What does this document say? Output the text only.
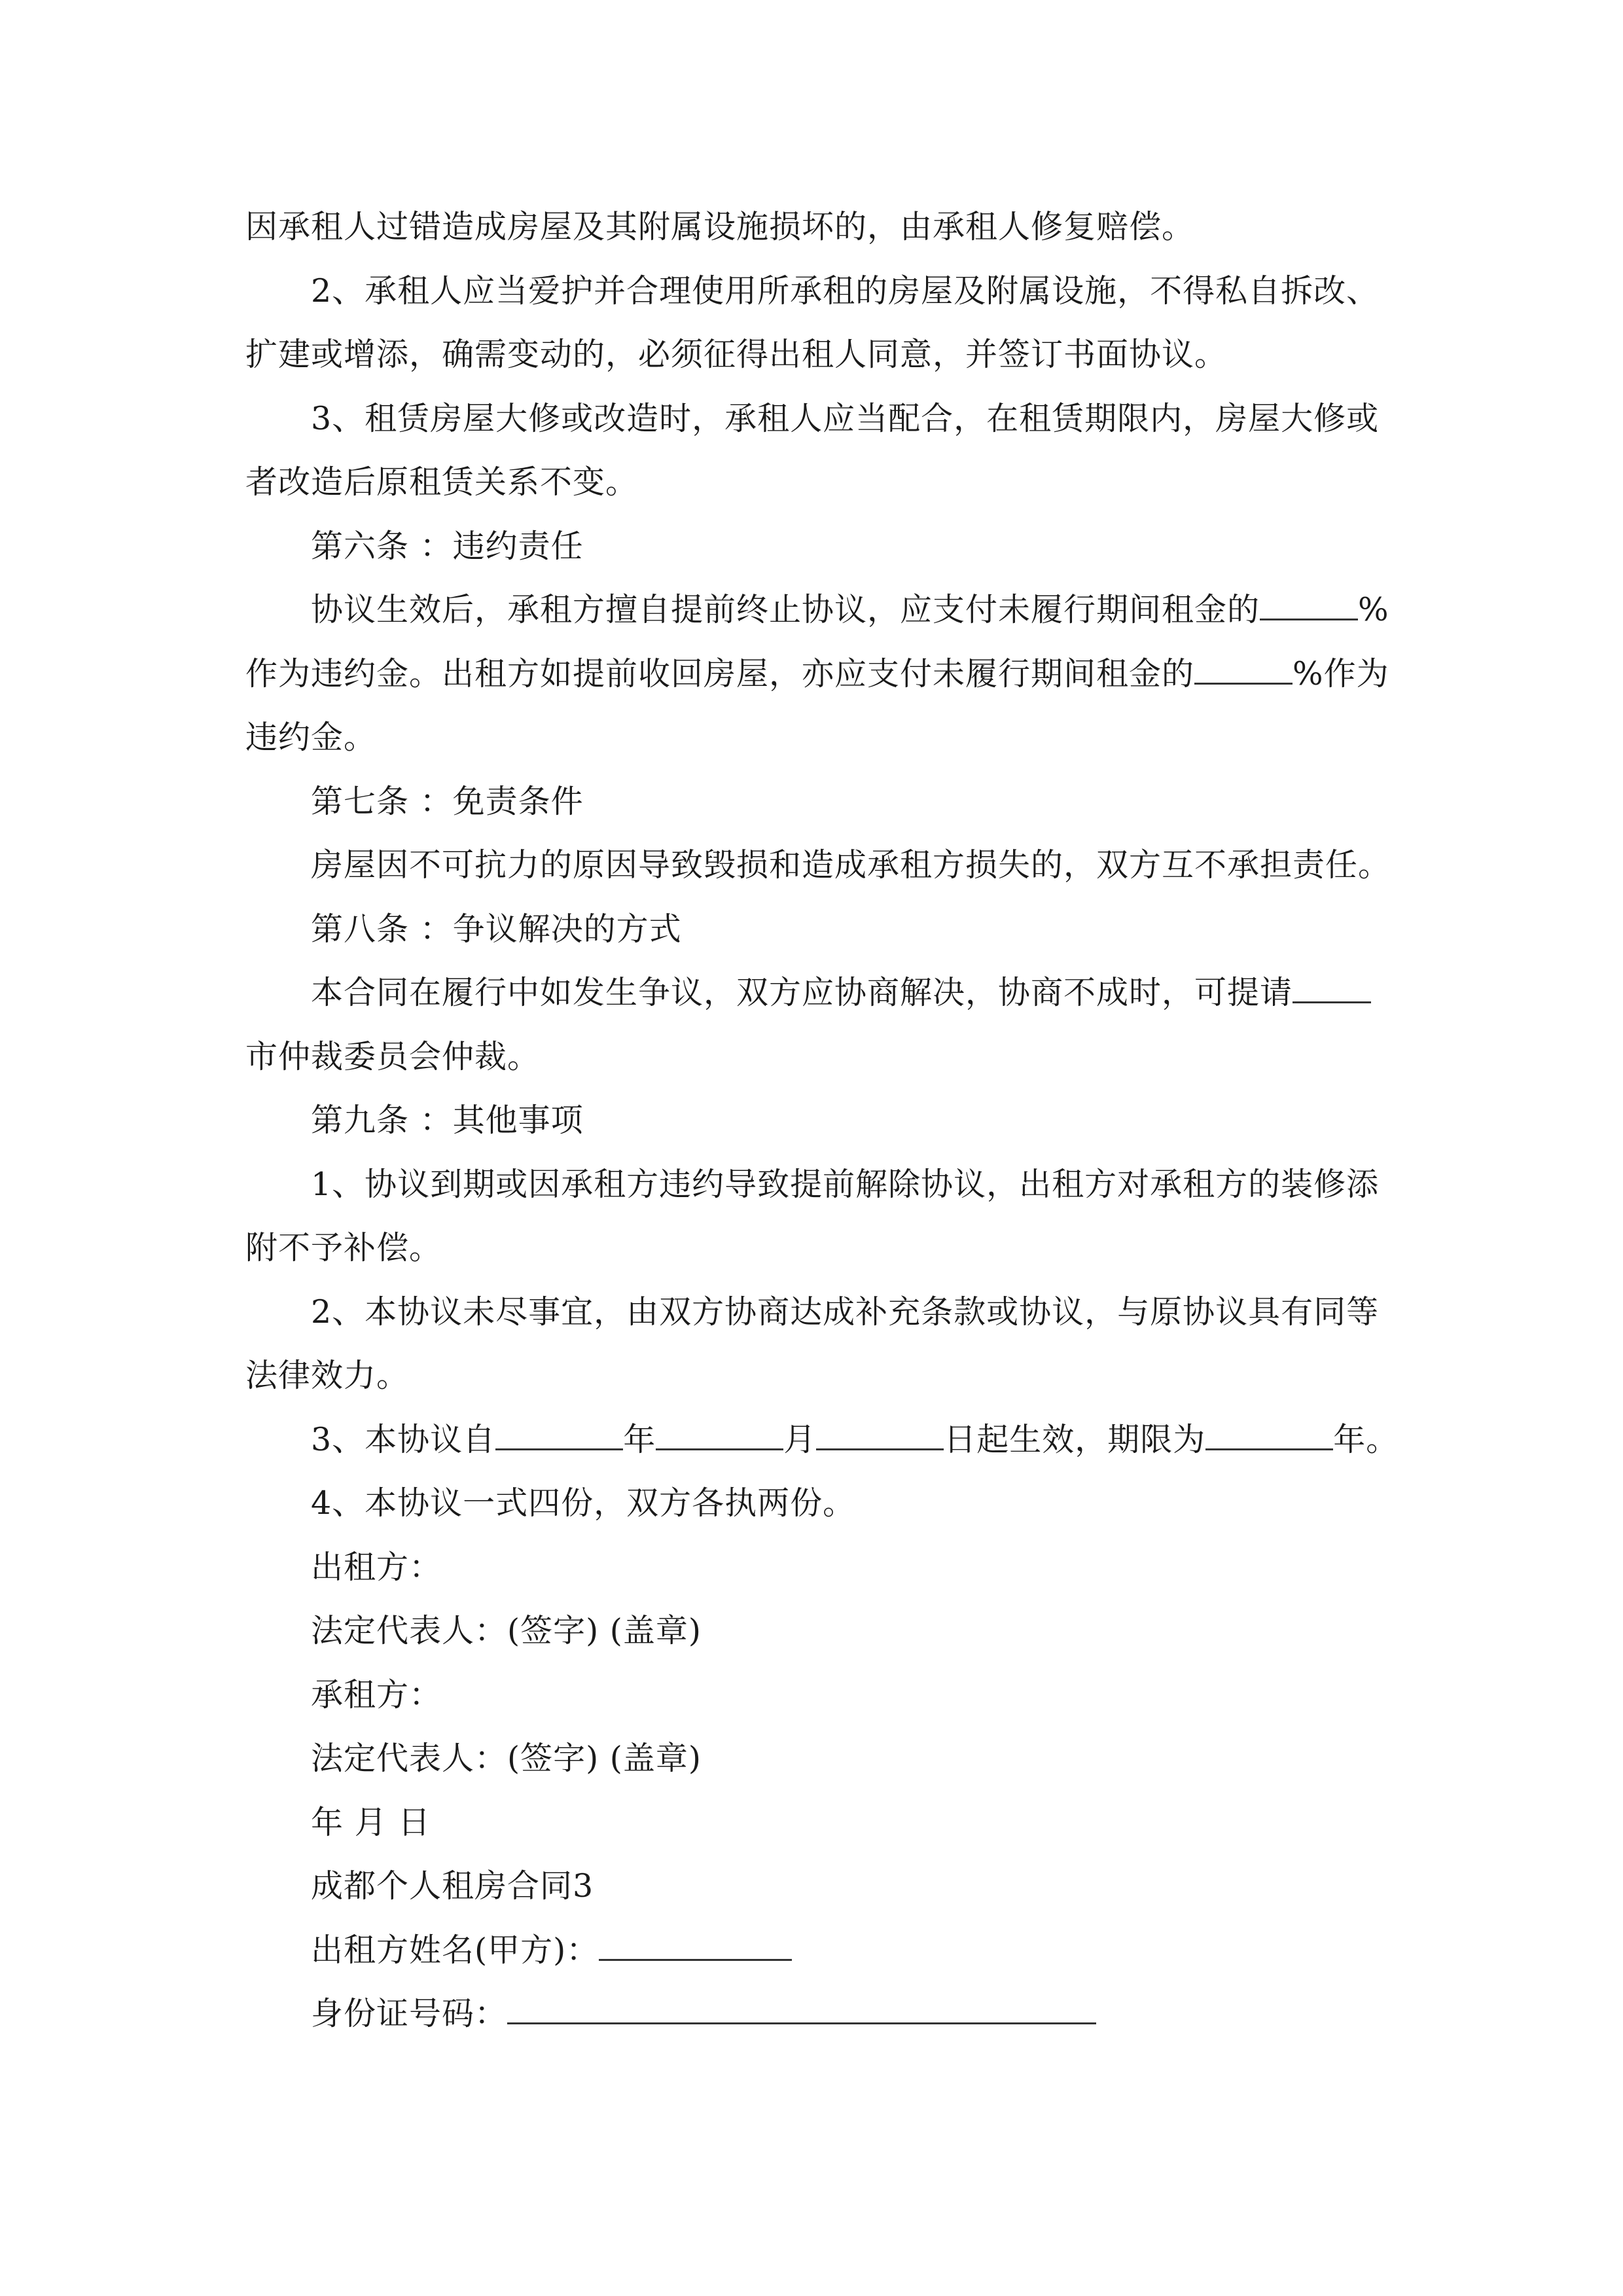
因承租人过错造成房屋及其附属设施损坏的，由承租人修复赔偿。
2、承租人应当爱护并合理使用所承租的房屋及附属设施，不得私自拆改、
扩建或增添，确需变动的，必须征得出租人同意，并签订书面协议。
3、租赁房屋大修或改造时，承租人应当配合，在租赁期限内，房屋大修或
者改造后原租赁关系不变。
第六条 ：违约责任
协议生效后，承租方擅自提前终止协议，应支付未履行期间租金的	%
作为违约金。出租方如提前收回房屋，亦应支付未履行期间租金的	%作为
违约金。
第七条 ：免责条件
房屋因不可抗力的原因导致毁损和造成承租方损失的，双方互不承担责任。
第八条 ：争议解决的方式
本合同在履行中如发生争议，双方应协商解决，协商不成时，可提请
市仲裁委员会仲裁。
第九条 ：其他事项
1、协议到期或因承租方违约导致提前解除协议，出租方对承租方的装修添
附不予补偿。
2、本协议未尽事宜，由双方协商达成补充条款或协议，与原协议具有同等
法律效力。
3、本协议自	年	月	日起生效，期限为	年。
4、本协议一式四份，双方各执两份。
出租方：
法定代表人：(签字) (盖章)
承租方：
法定代表人：(签字) (盖章)
年 月 日
成都个人租房合同3
出租方姓名(甲方)：
身份证号码：
